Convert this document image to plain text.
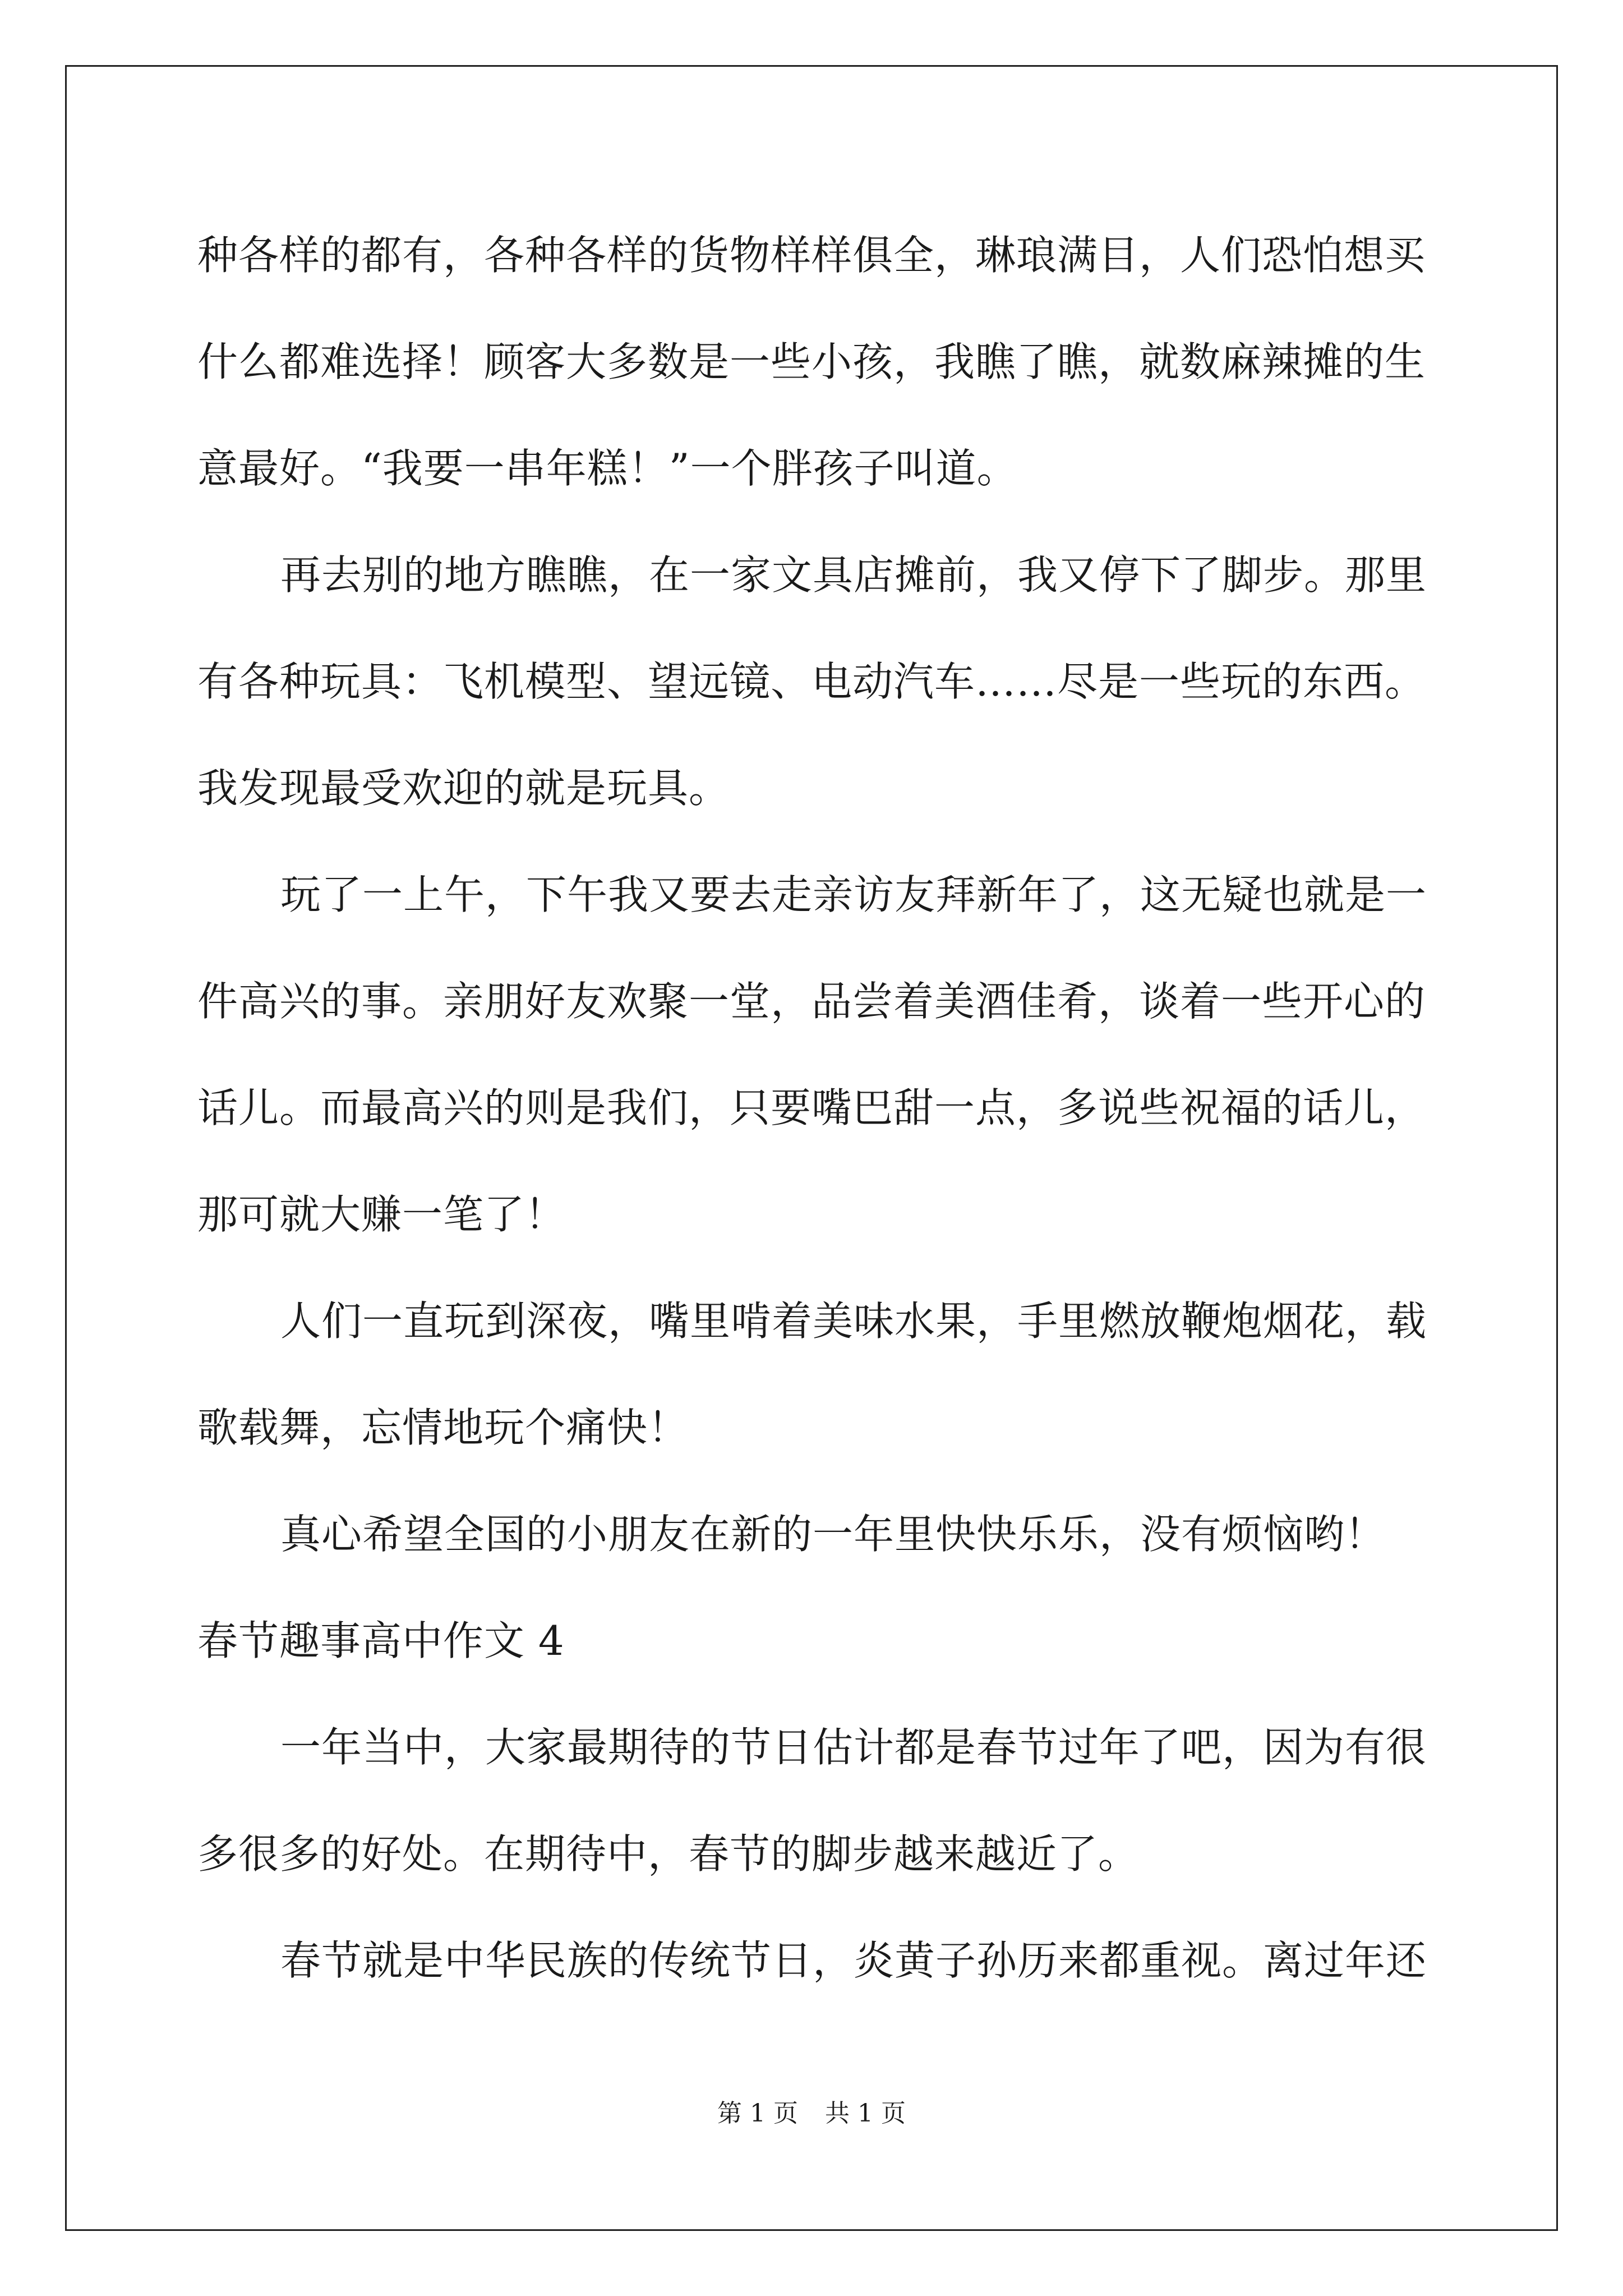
种各样的都有，各种各样的货物样样俱全，琳琅满目，人们恐怕想买
什么都难选择！顾客大多数是一些小孩，我瞧了瞧，就数麻辣摊的生
意最好。“我要一串年糕！”一个胖孩子叫道。
再去别的地方瞧瞧，在一家文具店摊前，我又停下了脚步。那里
有各种玩具：飞机模型、望远镜、电动汽车……尽是一些玩的东西。
我发现最受欢迎的就是玩具。
玩了一上午，下午我又要去走亲访友拜新年了，这无疑也就是一
件高兴的事。亲朋好友欢聚一堂，品尝着美酒佳肴，谈着一些开心的
话儿。而最高兴的则是我们，只要嘴巴甜一点，多说些祝福的话儿，
那可就大赚一笔了！
人们一直玩到深夜，嘴里啃着美味水果，手里燃放鞭炮烟花，载
歌载舞，忘情地玩个痛快！
真心希望全国的小朋友在新的一年里快快乐乐，没有烦恼哟！
春节趣事高中作文 4
一年当中，大家最期待的节日估计都是春节过年了吧，因为有很
多很多的好处。在期待中，春节的脚步越来越近了。
春节就是中华民族的传统节日，炎黄子孙历来都重视。离过年还
第 1 页 共 1 页
